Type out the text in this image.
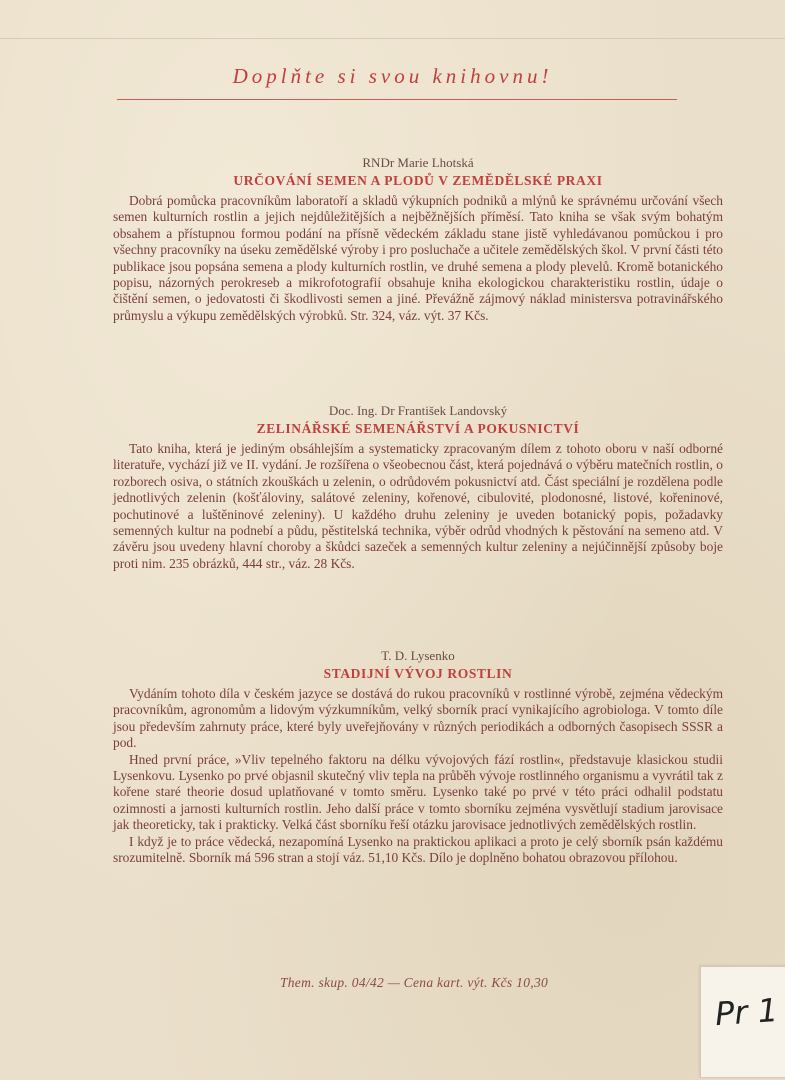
Doplňte si svou knihovnu!
RNDr Marie Lhotská
URČOVÁNÍ SEMEN A PLODŮ V ZEMĚDĚLSKÉ PRAXI

Dobrá pomůcka pracovníkům laboratoří a skladů výkupních podniků a mlýnů ke správnému určování všech semen kulturních rostlin a jejich nejdůležitějších a nejběžnějších příměsí. Tato kniha se však svým bohatým obsahem a přístupnou formou podání na přísně vědeckém základu stane jistě vyhledávanou pomůckou i pro všechny pracovníky na úseku zemědělské výroby i pro posluchače a učitele zemědělských škol. V první části této publikace jsou popsána semena a plody kulturních rostlin, ve druhé semena a plody plevelů. Kromě botanického popisu, názorných perokreseb a mikrofotografií obsahuje kniha ekologickou charakteristiku rostlin, údaje o čištění semen, o jedovatosti či škodlivosti semen a jiné. Převážně zájmový náklad ministersva potravinářského průmyslu a výkupu zemědělských výrobků. Str. 324, váz. výt. 37 Kčs.

Doc. Ing. Dr František Landovský
ZELINÁŘSKÉ SEMENÁŘSTVÍ A POKUSNICTVÍ

Tato kniha, která je jediným obsáhlejším a systematicky zpracovaným dílem z tohoto oboru v naší odborné literatuře, vychází již ve II. vydání. Je rozšířena o všeobecnou část, která pojednává o výběru matečních rostlin, o rozborech osiva, o státních zkouškách u zelenin, o odrůdovém pokusnictví atd. Část speciální je rozdělena podle jednotlivých zelenin (košťáloviny, salátové zeleniny, kořenové, cibulovité, plodonosné, listové, kořeninové, pochutinové a luštěninové zeleniny). U každého druhu zeleniny je uveden botanický popis, požadavky semenných kultur na podnebí a půdu, pěstitelská technika, výběr odrůd vhodných k pěstování na semeno atd. V závěru jsou uvedeny hlavní choroby a škůdci sazeček a semenných kultur zeleniny a nejúčinnější způsoby boje proti nim. 235 obrázků, 444 str., váz. 28 Kčs.

T. D. Lysenko
STADIJNÍ VÝVOJ ROSTLIN

Vydáním tohoto díla v českém jazyce se dostává do rukou pracovníků v rostlinné výrobě, zejména vědeckým pracovníkům, agronomům a lidovým výzkumníkům, velký sborník prací vynikajícího agrobiologa. V tomto díle jsou především zahrnuty práce, které byly uveřejňovány v různých periodikách a odborných časopisech SSSR a pod.

Hned první práce, »Vliv tepelného faktoru na délku vývojových fází rostlin«, představuje klasickou studii Lysenkovu. Lysenko po prvé objasnil skutečný vliv tepla na průběh vývoje rostlinného organismu a vyvrátil tak z kořene staré theorie dosud uplatňované v tomto směru. Lysenko také po prvé v této práci odhalil podstatu ozimnosti a jarnosti kulturních rostlin. Jeho další práce v tomto sborníku zejména vysvětlují stadium jarovisace jak theoreticky, tak i prakticky. Velká část sborníku řeší otázku jarovisace jednotlivých zemědělských rostlin.

I když je to práce vědecká, nezapomíná Lysenko na praktickou aplikaci a proto je celý sborník psán každému srozumitelně. Sborník má 596 stran a stojí váz. 51,10 Kčs. Dílo je doplněno bohatou obrazovou přílohou.

Them. skup. 04/42 — Cena kart. výt. Kčs 10,30
Pr 1
